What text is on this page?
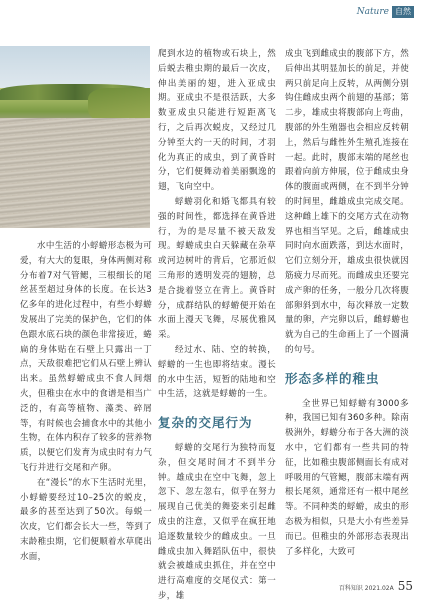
Nature 自然

水中生活的小蜉蝣形态极为可爱，有大大的复眼，身体两侧对称分布着7对气管鳃，三根细长的尾丝甚至超过身体的长度。在长达3亿多年的进化过程中，有些小蜉蝣发展出了完美的保护色，它们的体色跟水底石块的颜色非常接近，蜷扁的身体贴在石壁上只露出一丁点，天敌很难把它们从石壁上辨认出来。虽然蜉蝣成虫不食人间烟火，但稚虫在水中的食谱是相当广泛的，有高等植物、藻类、碎屑等，有时候也会捕食水中的其他小生物，在体内积存了较多的营养物质，以便它们发育为成虫时有力气飞行并进行交尾和产卵。

在“漫长”的水下生活时光里，小蜉蝣要经过10–25次的蜕皮，最多的甚至达到了50次。每蜕一次皮，它们都会长大一些，等到了末龄稚虫期，它们便顺着水草爬出水面，

爬到水边的植物或石块上，然后蜕去稚虫期的最后一次皮，伸出美丽的翅，进入亚成虫期。亚成虫不是很活跃，大多数亚成虫只能进行短距离飞行，之后再次蜕皮，又经过几分钟至大约一天的时间，才羽化为真正的成虫，到了黄昏时分，它们便舞动着美丽飘逸的翅，飞向空中。

蜉蝣羽化和婚飞都具有较强的时间性，都选择在黄昏进行，为的是尽量不被天敌发现。蜉蝣成虫白天躲藏在杂草或河边树叶的背后，它那近似三角形的透明发亮的翅膀，总是合拢着竖立在背上。黄昏时分，成群结队的蜉蝣便开始在水面上漫天飞舞，尽展优雅风采。

经过水、陆、空的转换，蜉蝣的一生也即将结束。漫长的水中生活，短暂的陆地和空中生活，这就是蜉蝣的一生。

复杂的交尾行为

蜉蝣的交尾行为独特而复杂，但交尾时间才不到半分钟。雄成虫在空中飞舞，忽上忽下、忽左忽右，似乎在努力展现自己优美的舞姿来引起雌成虫的注意，又似乎在疯狂地追逐数量较少的雌成虫。一旦雌成虫加入舞蹈队伍中，很快就会被雄成虫抓住，并在空中进行高难度的交尾仪式：第一步，雄

成虫飞到雌成虫的腹部下方，然后伸出其明显加长的前足，并使两只前足向上反转，从两侧分别钩住雌成虫两个前翅的基部；第二步，雄成虫将腹部向上弯曲，腹部的外生殖器也会相应反转朝上，然后与雌性外生殖孔连接在一起。此时，腹部末端的尾丝也跟着向前方伸展，位于雌成虫身体的腹面或两侧，在不到半分钟的时间里，雌雄成虫完成交尾。这种雌上雄下的交尾方式在动物界也相当罕见。之后，雌雄成虫同时向水面跌落，到达水面时，它们立刻分开，雄成虫很快就因筋疲力尽而死。而雌成虫还要完成产卵的任务，一般分几次将腹部卵斜到水中，每次释放一定数量的卵，产完卵以后，雌蜉蝣也就为自己的生命画上了一个圆满的句号。

形态多样的稚虫

全世界已知蜉蝣有3000多种，我国已知有360多种。除南极洲外，蜉蝣分布于各大洲的淡水中，它们都有一些共同的特征，比如稚虫腹部侧面长有成对呼吸用的气管鳃，腹部末端有两根长尾须，通常还有一根中尾丝等。不同种类的蜉蝣，成虫的形态极为相似，只是大小有些差异而已。但稚虫的外部形态表现出了多样化，大致可

百科知识 2021.02A 55
